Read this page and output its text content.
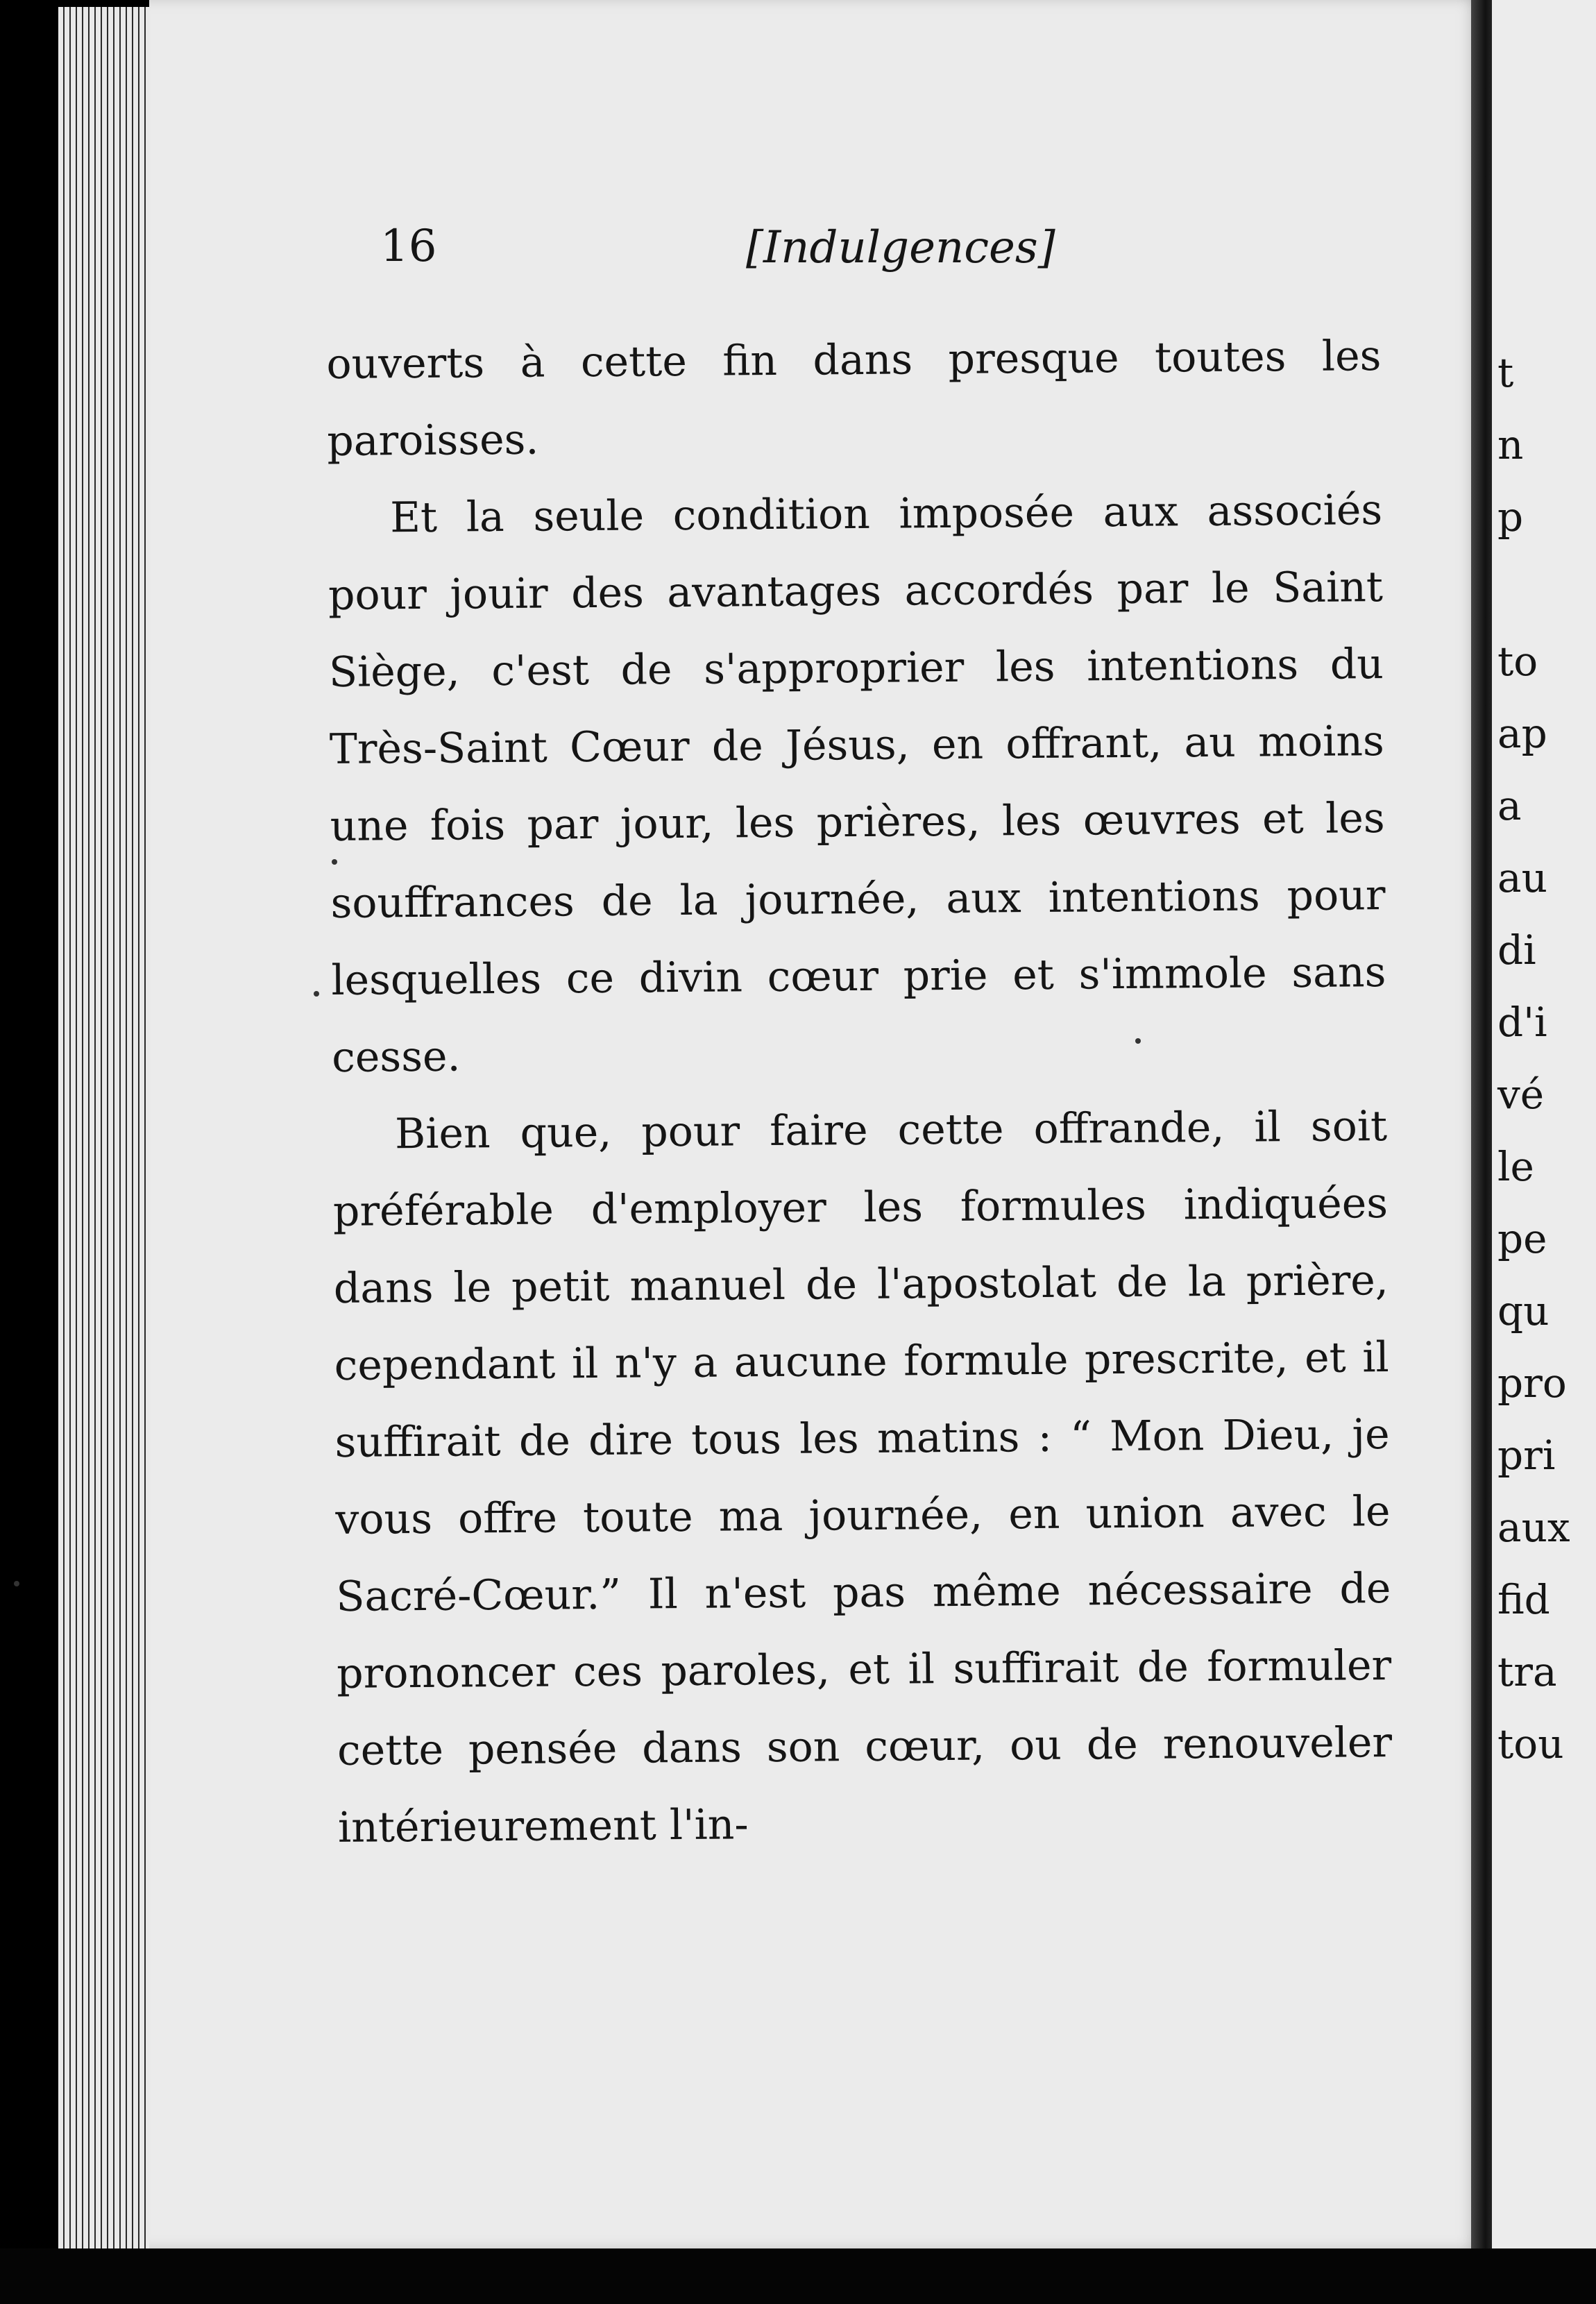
16	[Indulgences]

ouverts à cette fin dans presque toutes les paroisses.

Et la seule condition imposée aux associés pour jouir des avantages accordés par le Saint Siège, c'est de s'approprier les intentions du Très-Saint Cœur de Jésus, en offrant, au moins une fois par jour, les prières, les œuvres et les souffrances de la journée, aux intentions pour lesquelles ce divin cœur prie et s'immole sans cesse.

Bien que, pour faire cette offrande, il soit préférable d'employer les formules indiquées dans le petit manuel de l'apostolat de la prière, cependant il n'y a aucune formule prescrite, et il suffirait de dire tous les matins : “ Mon Dieu, je vous offre toute ma journée, en union avec le Sacré-Cœur.” Il n'est pas même nécessaire de prononcer ces paroles, et il suffirait de formuler cette pensée dans son cœur, ou de renouveler intérieurement l'in-

t
n
p
to
ap
a
au
di
d'i
vé
le
pe
qu
pro
pri
aux
fid
tra
tou
